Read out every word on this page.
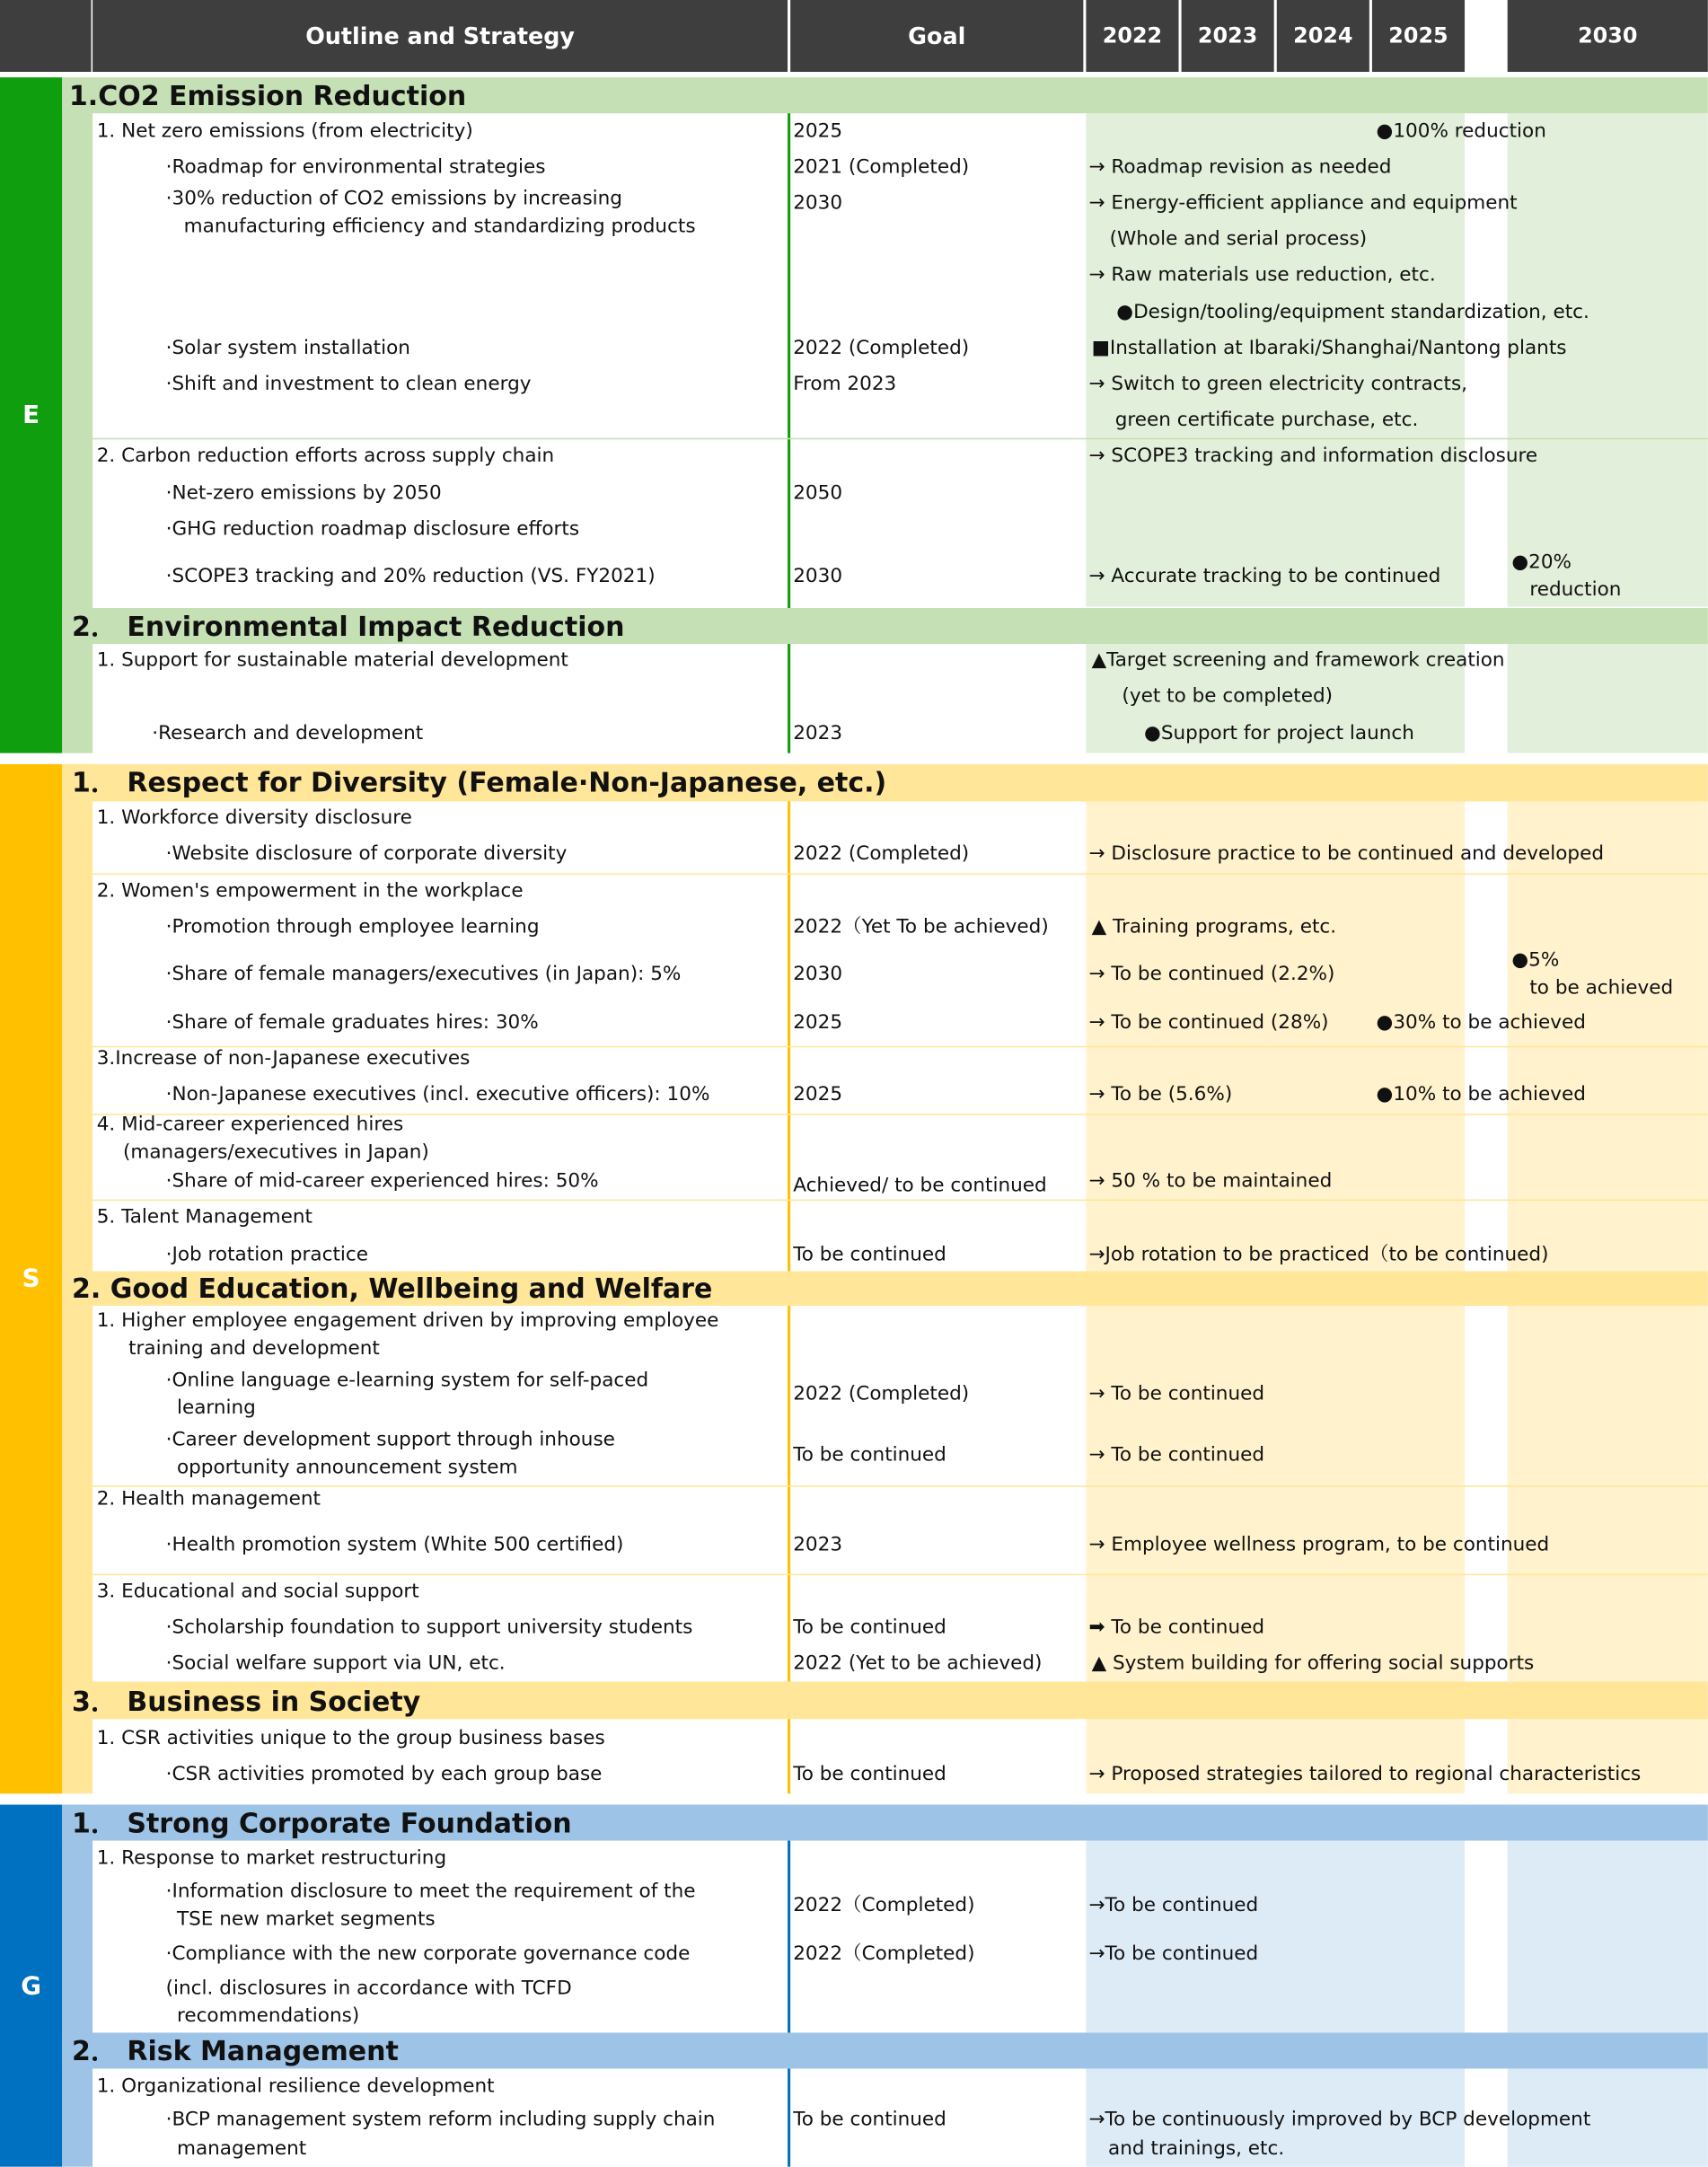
Outline and Strategy	Goal	2022	2023	2024	2025	2030
E
1.CO2 Emission Reduction
1. Net zero emissions (from electricity)	2025	●100% reduction
·Roadmap for environmental strategies	2021 (Completed)	→ Roadmap revision as needed
·30% reduction of CO2 emissions by increasing
manufacturing efficiency and standardizing products
2030	→ Energy-efficient appliance and equipment
(Whole and serial process)
→ Raw materials use reduction, etc.
●Design/tooling/equipment standardization, etc.
·Solar system installation	2022 (Completed)	■Installation at Ibaraki/Shanghai/Nantong plants
·Shift and investment to clean energy	From 2023	→ Switch to green electricity contracts,
green certificate purchase, etc.
2. Carbon reduction efforts across supply chain	→ SCOPE3 tracking and information disclosure
·Net-zero emissions by 2050	2050
·GHG reduction roadmap disclosure efforts
·SCOPE3 tracking and 20% reduction (VS. FY2021)	2030	→ Accurate tracking to be continued
●20%
reduction
2． Environmental Impact Reduction
1. Support for sustainable material development	▲Target screening and framework creation
(yet to be completed)
·Research and development	2023	●Support for project launch
S
1． Respect for Diversity (Female·Non-Japanese, etc.)
1. Workforce diversity disclosure
·Website disclosure of corporate diversity	2022 (Completed)	→ Disclosure practice to be continued and developed
2. Women's empowerment in the workplace
·Promotion through employee learning	2022（Yet To be achieved)	▲ Training programs, etc.
·Share of female managers/executives (in Japan): 5%	2030	→ To be continued (2.2%)
●5%
to be achieved
·Share of female graduates hires: 30%	2025	→ To be continued (28%)	●30% to be achieved
3.Increase of non-Japanese executives
·Non-Japanese executives (incl. executive officers): 10%	2025	→ To be (5.6%)	●10% to be achieved
4. Mid-career experienced hires
(managers/executives in Japan)
·Share of mid-career experienced hires: 50%	Achieved/ to be continued	→ 50 % to be maintained
5. Talent Management
·Job rotation practice	To be continued	→Job rotation to be practiced（to be continued)
2. Good Education, Wellbeing and Welfare
1. Higher employee engagement driven by improving employee
training and development
·Online language e-learning system for self-paced
learning
2022 (Completed)	→ To be continued
·Career development support through inhouse
opportunity announcement system
To be continued	→ To be continued
2. Health management
·Health promotion system (White 500 certified)	2023	→ Employee wellness program, to be continued
3. Educational and social support
·Scholarship foundation to support university students	To be continued	➡ To be continued
·Social welfare support via UN, etc.	2022 (Yet to be achieved)	▲ System building for offering social supports
3． Business in Society
1. CSR activities unique to the group business bases
·CSR activities promoted by each group base	To be continued	→ Proposed strategies tailored to regional characteristics
G
1． Strong Corporate Foundation
1. Response to market restructuring
·Information disclosure to meet the requirement of the
TSE new market segments
2022（Completed)	→To be continued
·Compliance with the new corporate governance code	2022（Completed)	→To be continued
(incl. disclosures in accordance with TCFD
recommendations)
2． Risk Management
1. Organizational resilience development
·BCP management system reform including supply chain
management
To be continued	→To be continuously improved by BCP development
and trainings, etc.
